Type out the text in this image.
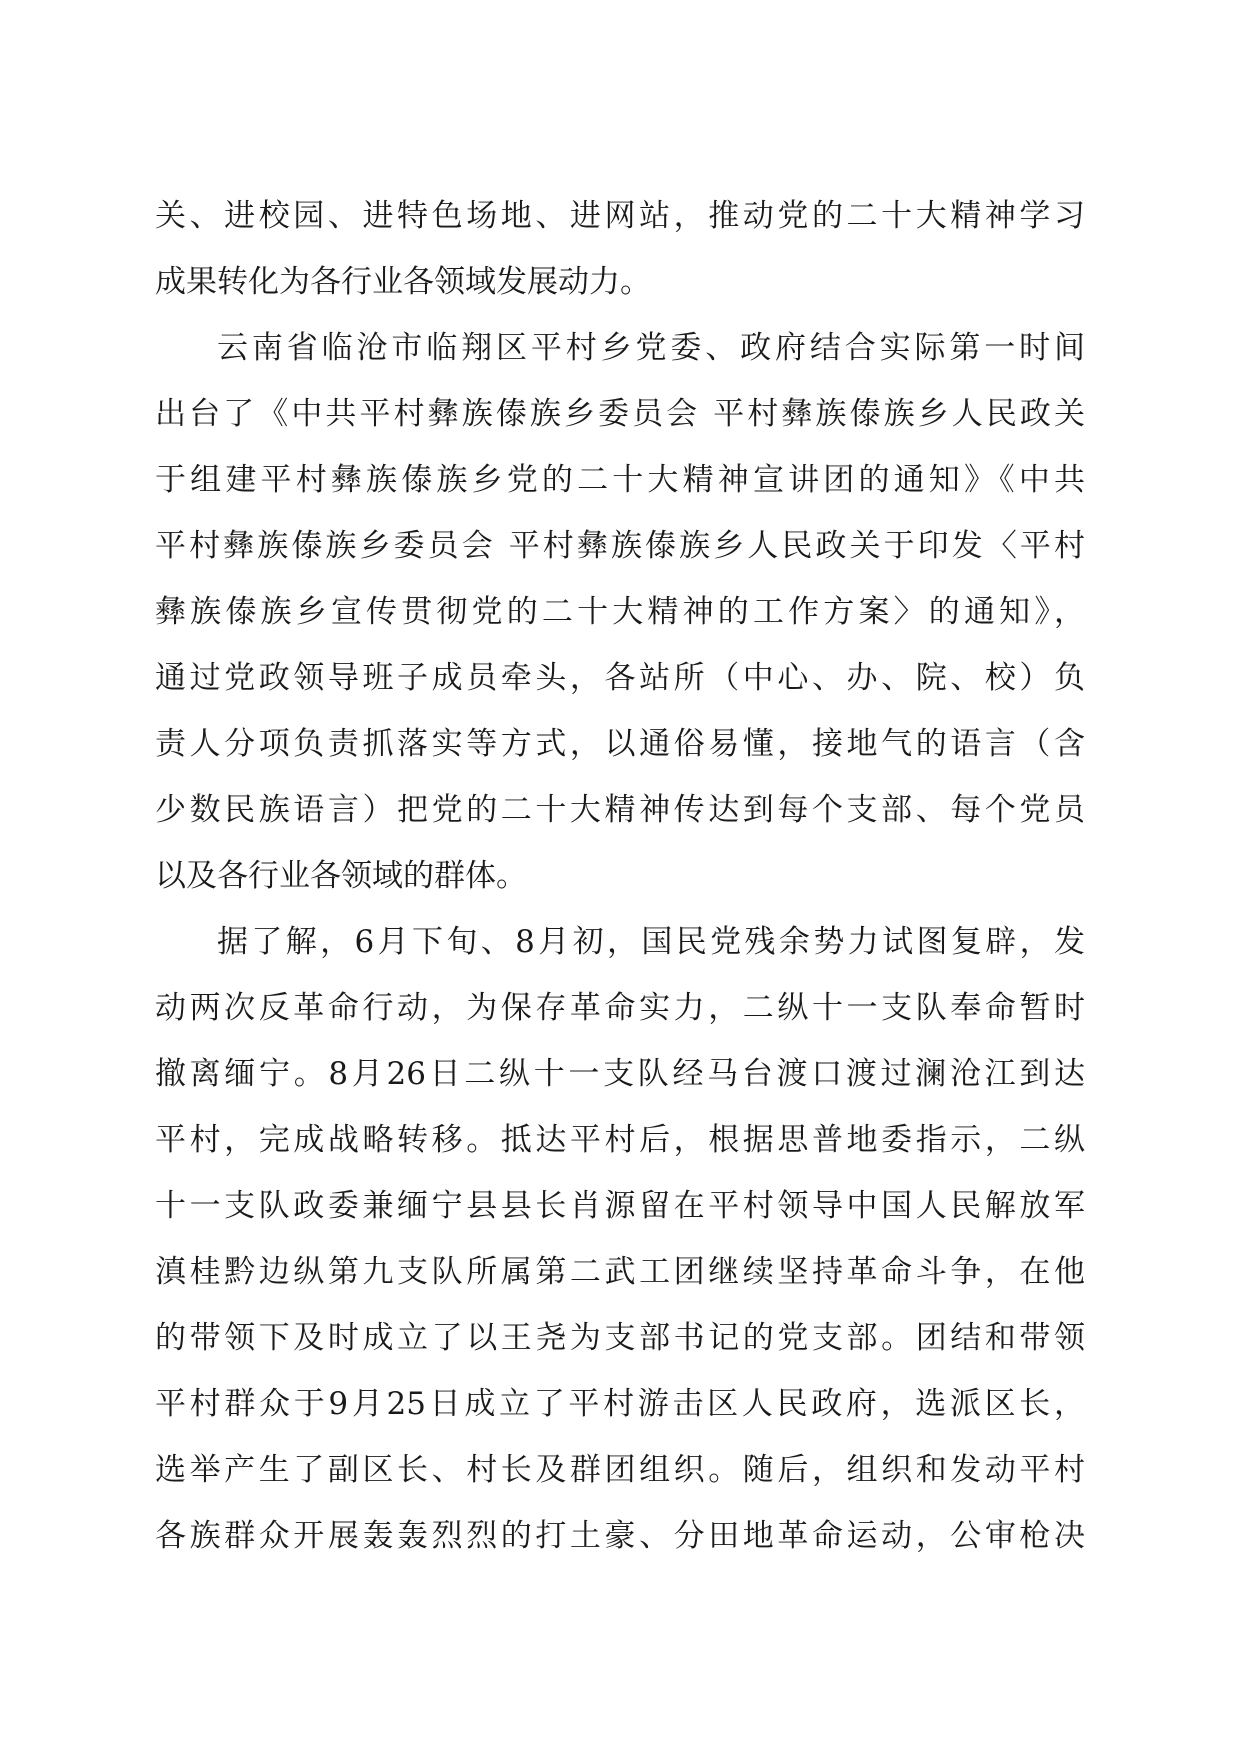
关、进校园、进特色场地、进网站，推动党的二十大精神学习
成果转化为各行业各领域发展动力。
云南省临沧市临翔区平村乡党委、政府结合实际第一时间
出台了《中共平村彝族傣族乡委员会 平村彝族傣族乡人民政关
于组建平村彝族傣族乡党的二十大精神宣讲团的通知》《中共
平村彝族傣族乡委员会 平村彝族傣族乡人民政关于印发〈平村
彝族傣族乡宣传贯彻党的二十大精神的工作方案〉的通知》，
通过党政领导班子成员牵头，各站所（中心、办、院、校）负
责人分项负责抓落实等方式，以通俗易懂，接地气的语言（含
少数民族语言）把党的二十大精神传达到每个支部、每个党员
以及各行业各领域的群体。
据了解，6月下旬、8月初，国民党残余势力试图复辟，发
动两次反革命行动，为保存革命实力，二纵十一支队奉命暂时
撤离缅宁。8月26日二纵十一支队经马台渡口渡过澜沧江到达
平村，完成战略转移。抵达平村后，根据思普地委指示，二纵
十一支队政委兼缅宁县县长肖源留在平村领导中国人民解放军
滇桂黔边纵第九支队所属第二武工团继续坚持革命斗争，在他
的带领下及时成立了以王尧为支部书记的党支部。团结和带领
平村群众于9月25日成立了平村游击区人民政府，选派区长，
选举产生了副区长、村长及群团组织。随后，组织和发动平村
各族群众开展轰轰烈烈的打土豪、分田地革命运动，公审枪决
